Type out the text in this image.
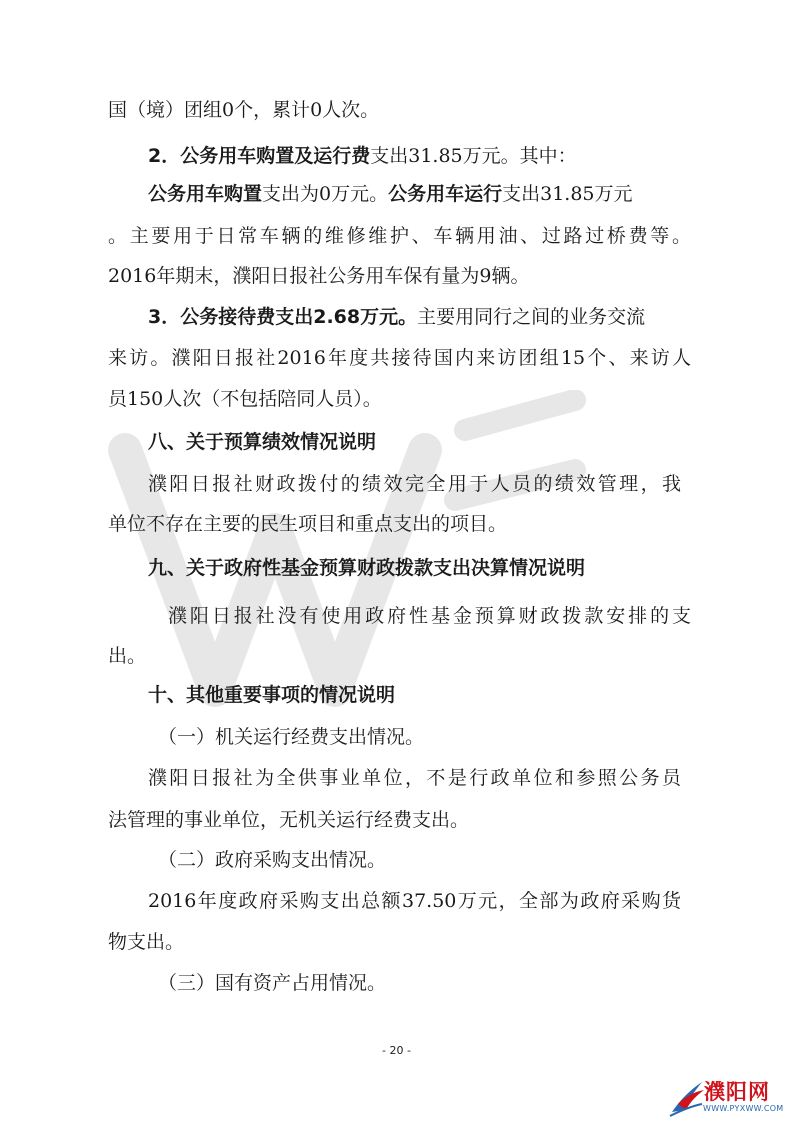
国（境）团组0个，累计0人次。
2．公务用车购置及运行费支出31.85万元。其中：
公务用车购置支出为0万元。公务用车运行支出31.85万元
。主要用于日常车辆的维修维护、车辆用油、过路过桥费等。
2016年期末，濮阳日报社公务用车保有量为9辆。
3．公务接待费支出2.68万元。主要用同行之间的业务交流
来访。濮阳日报社2016年度共接待国内来访团组15个、来访人
员150人次（不包括陪同人员）。
八、关于预算绩效情况说明
濮阳日报社财政拨付的绩效完全用于人员的绩效管理，我
单位不存在主要的民生项目和重点支出的项目。
九、关于政府性基金预算财政拨款支出决算情况说明
濮阳日报社没有使用政府性基金预算财政拨款安排的支
出。
十、其他重要事项的情况说明
（一）机关运行经费支出情况。
濮阳日报社为全供事业单位，不是行政单位和参照公务员
法管理的事业单位，无机关运行经费支出。
（二）政府采购支出情况。
2016年度政府采购支出总额37.50万元，全部为政府采购货
物支出。
（三）国有资产占用情况。
- 20 -
濮阳网
WWW.PYXWW.COM
